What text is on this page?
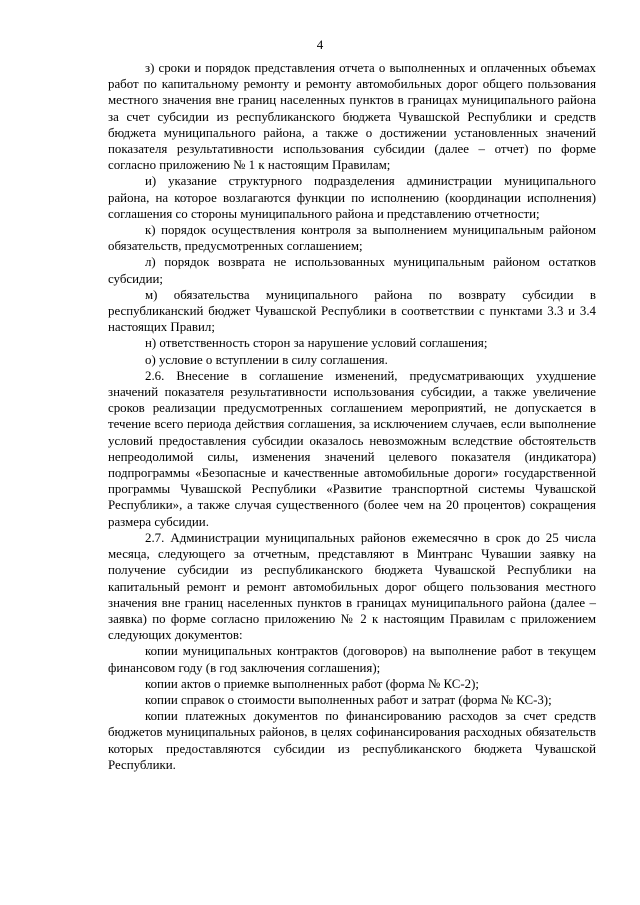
4

з) сроки и порядок представления отчета о выполненных и оплаченных объемах работ по капитальному ремонту и ремонту автомобильных дорог общего пользования местного значения вне границ населенных пунктов в границах муниципального района за счет субсидии из республиканского бюджета Чувашской Республики и средств бюджета муниципального района, а также о достижении установленных значений показателя результативности использования субсидии (далее – отчет) по форме согласно приложению № 1 к настоящим Правилам;

и) указание структурного подразделения администрации муниципального района, на которое возлагаются функции по исполнению (координации исполнения) соглашения со стороны муниципального района и представлению отчетности;

к) порядок осуществления контроля за выполнением муниципальным районом обязательств, предусмотренных соглашением;

л) порядок возврата не использованных муниципальным районом остатков субсидии;

м) обязательства муниципального района по возврату субсидии в республиканский бюджет Чувашской Республики в соответствии с пунктами 3.3 и 3.4 настоящих Правил;

н) ответственность сторон за нарушение условий соглашения;

о) условие о вступлении в силу соглашения.

2.6. Внесение в соглашение изменений, предусматривающих ухудшение значений показателя результативности использования субсидии, а также увеличение сроков реализации предусмотренных соглашением мероприятий, не допускается в течение всего периода действия соглашения, за исключением случаев, если выполнение условий предоставления субсидии оказалось невозможным вследствие обстоятельств непреодолимой силы, изменения значений целевого показателя (индикатора) подпрограммы «Безопасные и качественные автомобильные дороги» государственной программы Чувашской Республики «Развитие транспортной системы Чувашской Республики», а также случая существенного (более чем на 20 процентов) сокращения размера субсидии.

2.7. Администрации муниципальных районов ежемесячно в срок до 25 числа месяца, следующего за отчетным, представляют в Минтранс Чувашии заявку на получение субсидии из республиканского бюджета Чувашской Республики на капитальный ремонт и ремонт автомобильных дорог общего пользования местного значения вне границ населенных пунктов в границах муниципального района (далее – заявка) по форме согласно приложению № 2 к настоящим Правилам с приложением следующих документов:

копии муниципальных контрактов (договоров) на выполнение работ в текущем финансовом году (в год заключения соглашения);

копии актов о приемке выполненных работ (форма № КС-2);

копии справок о стоимости выполненных работ и затрат (форма № КС-3);

копии платежных документов по финансированию расходов за счет средств бюджетов муниципальных районов, в целях софинансирования расходных обязательств которых предоставляются субсидии из республиканского бюджета Чувашской Республики.
